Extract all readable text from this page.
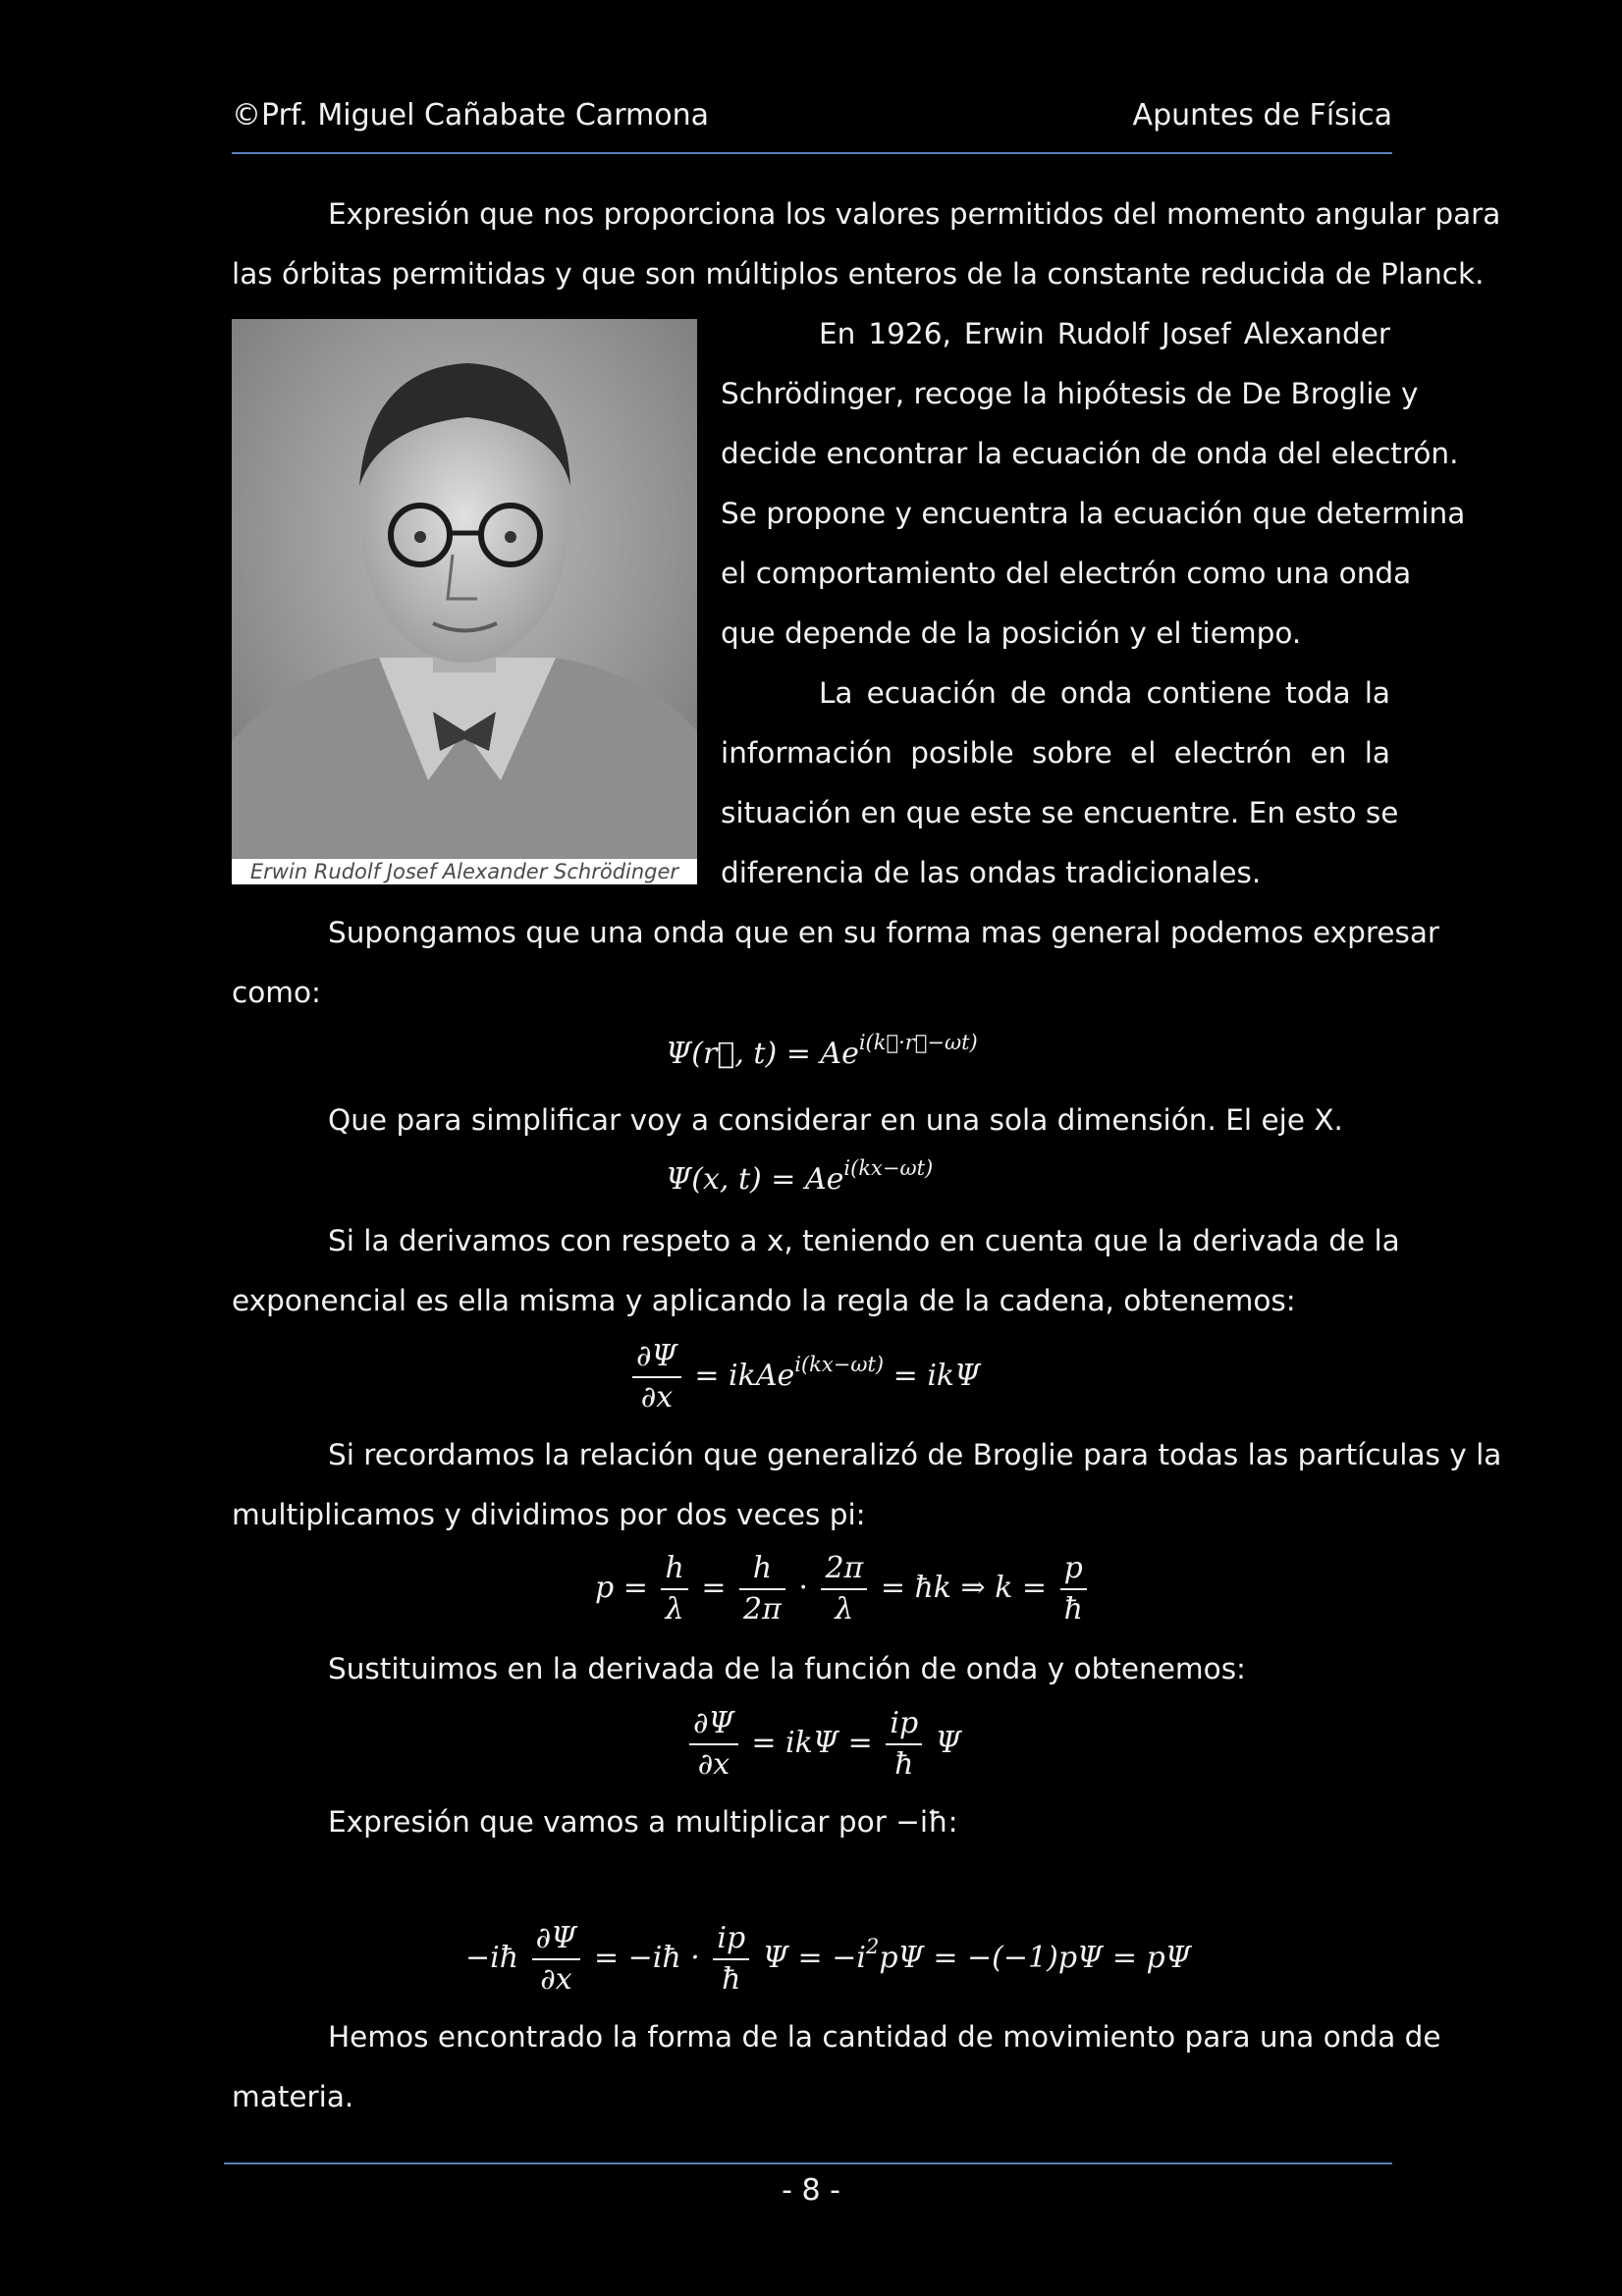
©Prf. Miguel Cañabate Carmona	Apuntes de Física
Expresión que nos proporciona los valores permitidos del momento angular para
las órbitas permitidas y que son múltiplos enteros de la constante reducida de Planck.
Erwin Rudolf Josef Alexander Schrödinger
En 1926, Erwin Rudolf Josef Alexander
Schrödinger, recoge la hipótesis de De Broglie y
decide encontrar la ecuación de onda del electrón.
Se propone y encuentra la ecuación que determina
el comportamiento del electrón como una onda
que depende de la posición y el tiempo.
La ecuación de onda contiene toda la
información posible sobre el electrón en la
situación en que este se encuentre. En esto se
diferencia de las ondas tradicionales.
Supongamos que una onda que en su forma mas general podemos expresar
como:
Ψ(r⃗, $t) = Ae^{i(k⃗\cdot r⃗-\omega t)}$
Que para simplificar voy a considerar en una sola dimensión. El eje X.
Ψ(x, $t) = Ae^{i(kx-\omega t)}$
Si la derivamos con respeto a x, teniendo en cuenta que la derivada de la
exponencial es ella misma y aplicando la regla de la cadena, obtenemos:
$\frac{\partial\Psi}{\partial x}$ = ikAe$^{i(kx-\omega t)}$ = ikΨ
Si recordamos la relación que generalizó de Broglie para todas las partículas y la
multiplicamos y dividimos por dos veces pi:
$p = \frac{h}{\lambda} = \frac{h}{2\pi} \cdot \frac{2\pi}{\lambda}$ = ħk ⇒ $k = \frac{p}{ħ}$
Sustituimos en la derivada de la función de onda y obtenemos:
$\frac{\partial\Psi}{\partial x} = ik\Psi = \frac{ip}{ħ}$ Ψ
Expresión que vamos a multiplicar por −iħ:
−iħ $\frac{\partial\Psi}{\partial x}$ = −iħ · $\frac{ip}{ħ}$ $\Psi = -i^2p\Psi = -(-1)p\Psi = p\Psi$
Hemos encontrado la forma de la cantidad de movimiento para una onda de
materia.
- 8 -
